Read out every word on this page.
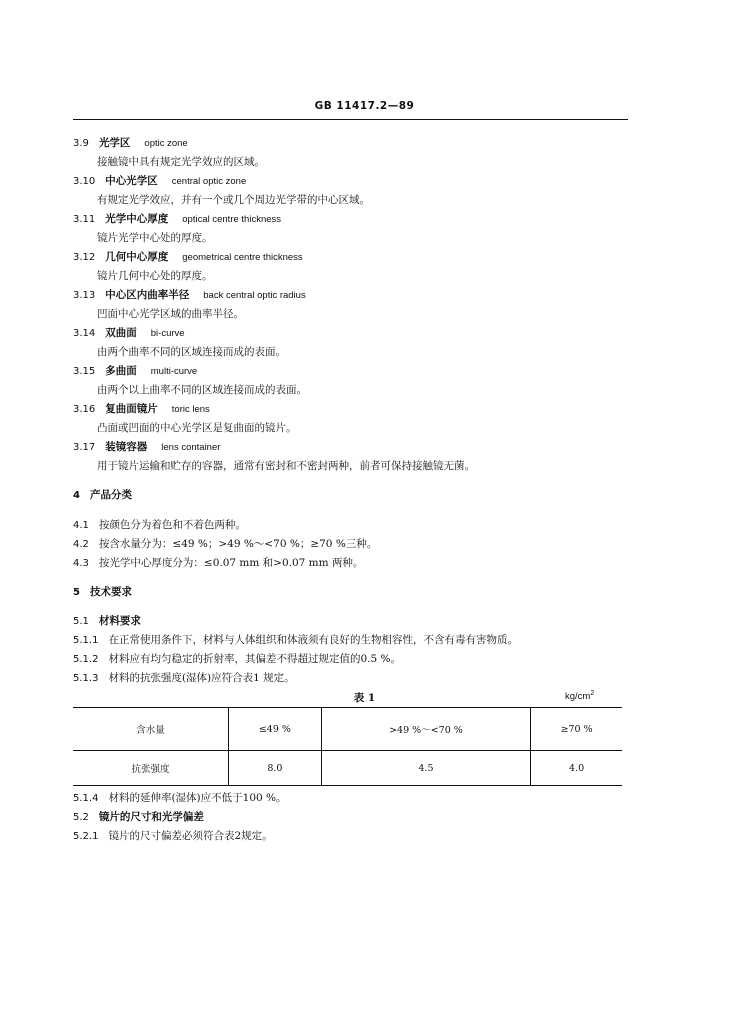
GB 11417.2—89
3.9 光学区 optic zone
接触镜中具有规定光学效应的区域。
3.10 中心光学区 central optic zone
有规定光学效应，并有一个或几个周边光学带的中心区域。
3.11 光学中心厚度 optical centre thickness
镜片光学中心处的厚度。
3.12 几何中心厚度 geometrical centre thickness
镜片几何中心处的厚度。
3.13 中心区内曲率半径 back central optic radius
凹面中心光学区域的曲率半径。
3.14 双曲面 bi-curve
由两个曲率不同的区域连接而成的表面。
3.15 多曲面 multi-curve
由两个以上曲率不同的区域连接而成的表面。
3.16 复曲面镜片 toric lens
凸面或凹面的中心光学区是复曲面的镜片。
3.17 装镜容器 lens container
用于镜片运输和贮存的容器，通常有密封和不密封两种，前者可保持接触镜无菌。
4 产品分类
4.1 按颜色分为着色和不着色两种。
4.2 按含水量分为：≤49 %；>49 %～<70 %；≥70 %三种。
4.3 按光学中心厚度分为：≤0.07 mm 和>0.07 mm 两种。
5 技术要求
5.1 材料要求
5.1.1 在正常使用条件下，材料与人体组织和体液须有良好的生物相容性，不含有毒有害物质。
5.1.2 材料应有均匀稳定的折射率，其偏差不得超过规定值的0.5 %。
5.1.3 材料的抗张强度(湿体)应符合表1 规定。
表 1	$kg/cm^2$
含水量	≤49 %	>49 %～<70 %	≥70 %
抗张强度	8.0	4.5	4.0
5.1.4 材料的延伸率(湿体)应不低于100 %。
5.2 镜片的尺寸和光学偏差
5.2.1 镜片的尺寸偏差必须符合表2规定。
